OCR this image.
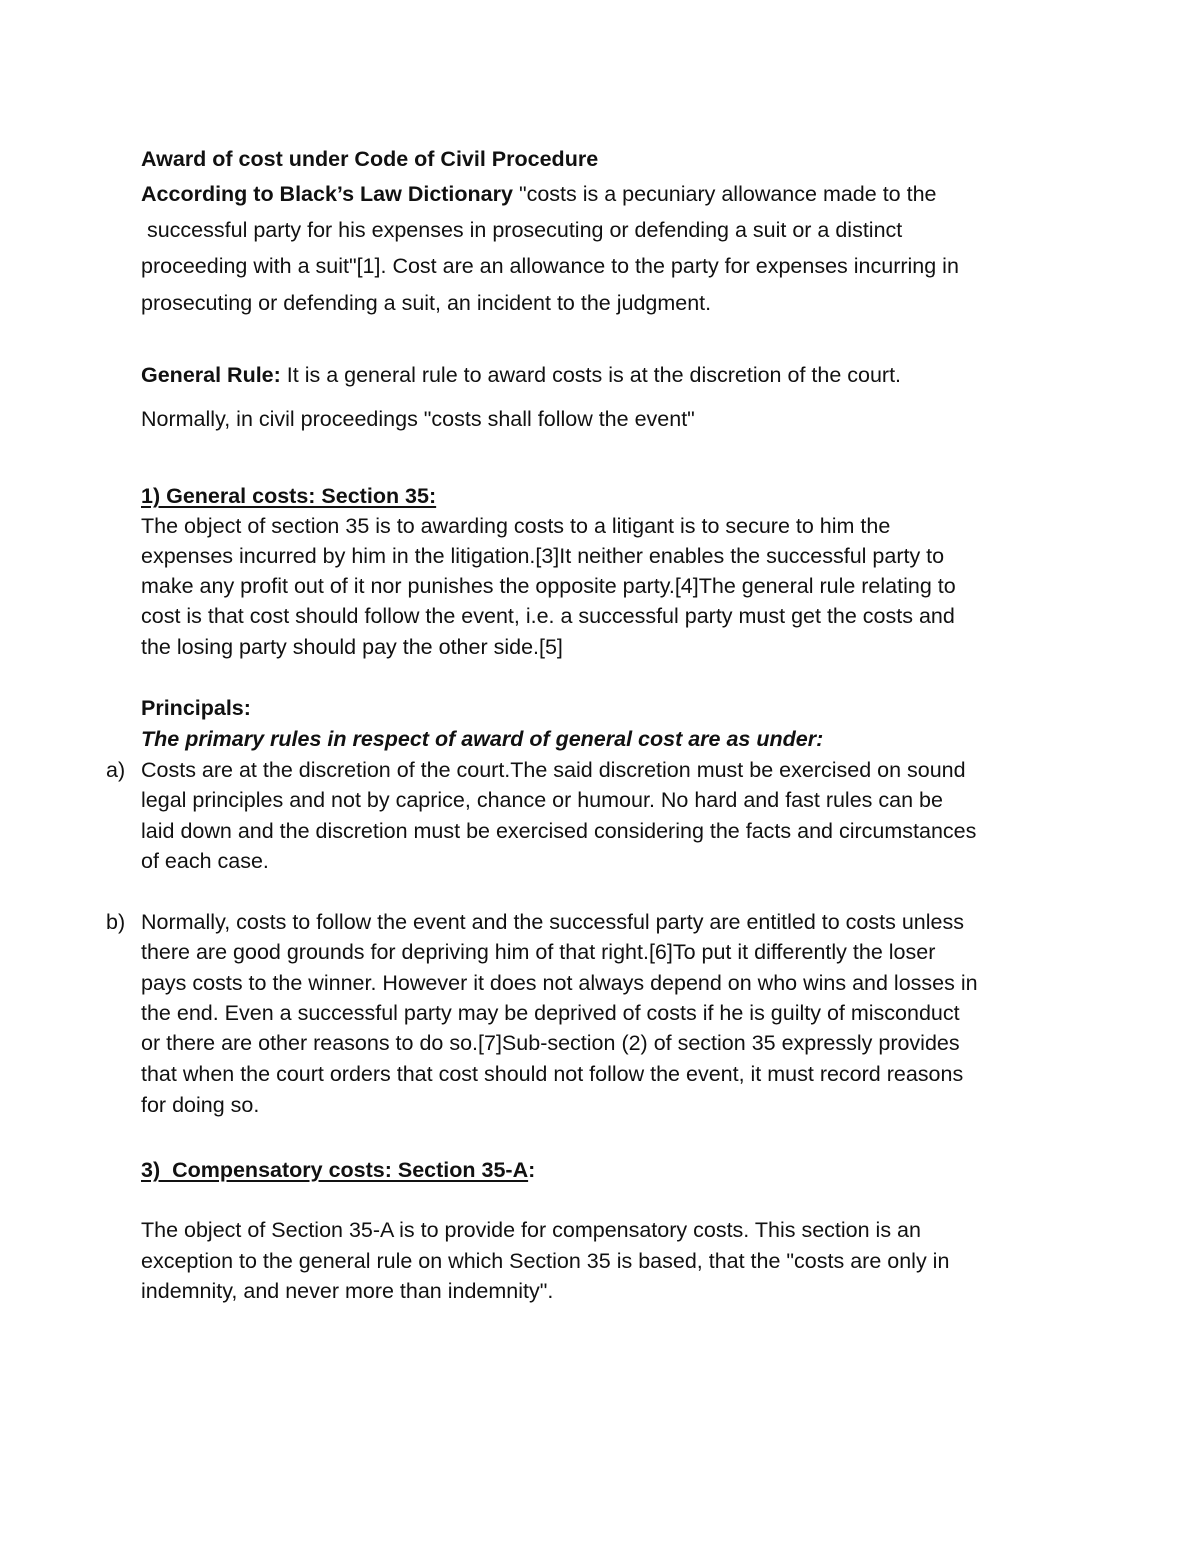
Award of cost under Code of Civil Procedure
According to Black’s Law Dictionary "costs is a pecuniary allowance made to the
successful party for his expenses in prosecuting or defending a suit or a distinct
proceeding with a suit"[1]. Cost are an allowance to the party for expenses incurring in
prosecuting or defending a suit, an incident to the judgment.
General Rule: It is a general rule to award costs is at the discretion of the court.
Normally, in civil proceedings "costs shall follow the event"
1) General costs: Section 35:
The object of section 35 is to awarding costs to a litigant is to secure to him the
expenses incurred by him in the litigation.[3]It neither enables the successful party to
make any profit out of it nor punishes the opposite party.[4]The general rule relating to
cost is that cost should follow the event, i.e. a successful party must get the costs and
the losing party should pay the other side.[5]
Principals:
The primary rules in respect of award of general cost are as under:
a) Costs are at the discretion of the court.The said discretion must be exercised on sound
legal principles and not by caprice, chance or humour. No hard and fast rules can be
laid down and the discretion must be exercised considering the facts and circumstances
of each case.
b) Normally, costs to follow the event and the successful party are entitled to costs unless
there are good grounds for depriving him of that right.[6]To put it differently the loser
pays costs to the winner. However it does not always depend on who wins and losses in
the end. Even a successful party may be deprived of costs if he is guilty of misconduct
or there are other reasons to do so.[7]Sub-section (2) of section 35 expressly provides
that when the court orders that cost should not follow the event, it must record reasons
for doing so.
3)  Compensatory costs: Section 35-A:
The object of Section 35-A is to provide for compensatory costs. This section is an
exception to the general rule on which Section 35 is based, that the "costs are only in
indemnity, and never more than indemnity".
